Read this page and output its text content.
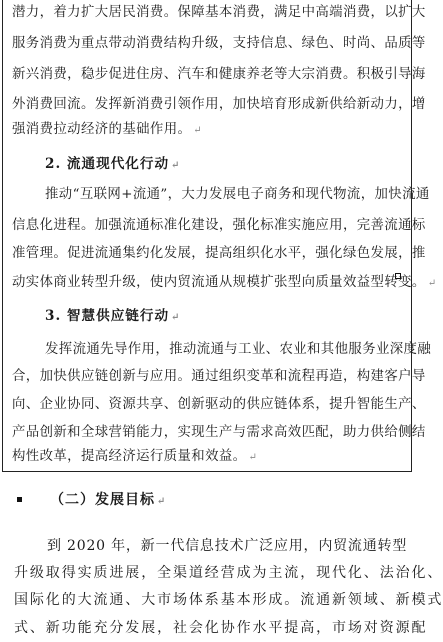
潜力，着力扩大居民消费。保障基本消费，满足中高端消费，以扩大
服务消费为重点带动消费结构升级，支持信息、绿色、时尚、品质等
新兴消费，稳步促进住房、汽车和健康养老等大宗消费。积极引导海
外消费回流。发挥新消费引领作用，加快培育形成新供给新动力，增
强消费拉动经济的基础作用。 ↵
2. 流通现代化行动 ↵
推动“互联网+流通”，大力发展电子商务和现代物流，加快流通
信息化进程。加强流通标准化建设，强化标准实施应用，完善流通标
准管理。促进流通集约化发展，提高组织化水平，强化绿色发展，推
动实体商业转型升级，使内贸流通从规模扩张型向质量效益型转变。 ↵
3. 智慧供应链行动 ↵
发挥流通先导作用，推动流通与工业、农业和其他服务业深度融
合，加快供应链创新与应用。通过组织变革和流程再造，构建客户导
向、企业协同、资源共享、创新驱动的供应链体系，提升智能生产、
产品创新和全球营销能力，实现生产与需求高效匹配，助力供给侧结
构性改革，提高经济运行质量和效益。 ↵
（二）发展目标 ↵
到 2020 年，新一代信息技术广泛应用，内贸流通转型
升级取得实质进展，全渠道经营成为主流，现代化、法治化、
国际化的大流通、大市场体系基本形成。流通新领域、新模式
式、新功能充分发展，社会化协作水平提高，市场对资源配
